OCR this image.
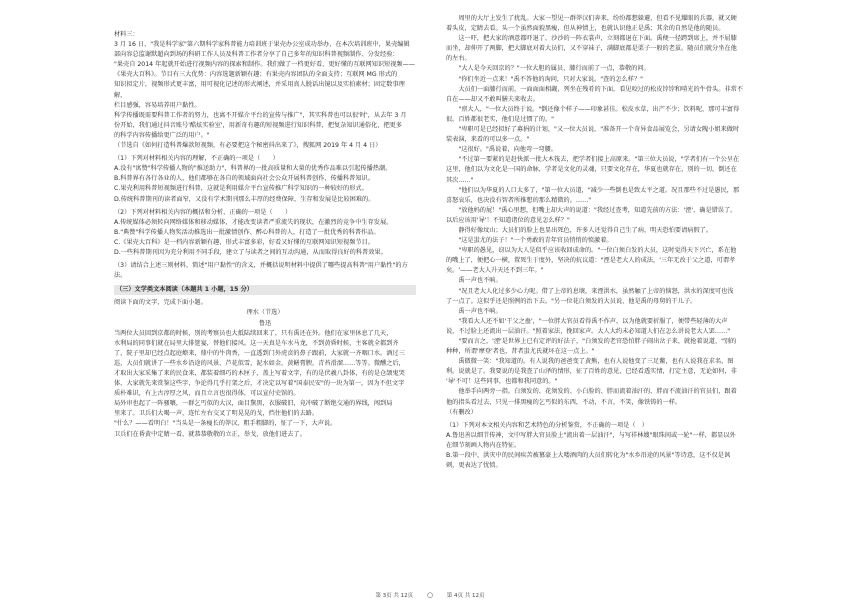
材料三：
3 月 16 日，"我是科学家"第六期科学家科普能力培训班于果壳办公室成功举办，在本次培训班中，果壳编辑
部向容总监谢默超向到场的科研工作人员及科普工作者分享了自己多年的知识科普视频制作、分发经验：
"果壳自 2014 年起就开始进行视频内容的探索和制作。我们做了一档更好看、更好懂的互联网知识短视频——
《果壳大百科》。节目有三大优势：内容选题新颖有趣；有果壳内容团队的全面支持；互联网 MG 形式的
知识拟定片，视频形式更丰富，用可视化记述的形式阐述，并采用真人脱话出镜以及实拍素材；固定数事理解，
栏目感强，容易培养用户黏性。
科学传播既需要科普工作者的努力，也离不开媒介平台的宣传与推广"，其实科普也可以很'时'，从去年 3 月
份开始，我们通过抖音账号'酷炫实验室'，用新奇有趣的短视频进行知识科普，把复杂知识通俗化，把更多
的科学内容传播给更广泛的用户。"
（节选自《如何打造科普爆款短视频，有必要把这个秘密抖出来了》，搜狐网 2019 年 4 月 4 日）
（1）下列对材料相关内容的理解，不正确的一项是（　　）
A.没有"寓赞"科学传播人物的"推送助力"，科普界的一批高质量和大量的优秀作品难以引起传播热潮。
B.科普界有各行各业的人，他们都够在各自的领域面向社会公众开展科普创作，传播科普知识。
C.果壳利用科普短视频进行科普，这就是利用媒介平台宣传推广科学知识的一种较好的形式。
D.传统科普期刊的读者面窄，又没有学术期刊那么丰厚的经费保障，生存和发展是比较困难的。
（2）下列对材料相关内容的概括和分析，正确的一项是（　　）
A.传统媒体必须转向网络媒体和移动媒体，才能改变读者严重流失的现状，在激烈的竞争中生存发展。
B."典赞"科学传播人物奖活动推选出一批激情创作、醉心科普的人，打造了一批优秀的科普作品。
C.《果壳大百科》是一档内容新颖有趣，形式丰富多彩，好看又好懂的互联网知识短视频节目。
D.一些科普期刊因为充分利用不同手段，建立了与读者之间的互动沟通，从而取得良好的科普效果。
（3）请结合上述三则材料，简述"用户黏性"的含义，并概括说明材料中提供了哪些提高科普"用户黏性"的方
法。

（三）文学类文本阅读（本题共 1 小题，15 分）

阅读下面的文字，完成下面小题。

理水（节选）

鲁迅

当两位大员回到京都的时候，别的考察员也大抵陆续回来了，只有禹还在外。他们在家里休息了几天，
水利局的同事们就在局里大排筵宴，替他们接风。这一天真是车水马龙，不到黄昏时候，主客就全都到齐
了，院子里却已经点起庭燎来，鼎中的牛肉香，一直透到门外虎贲的鼻子跟前，大家就一齐咽口水。酒过三
巡，大员们就讲了一些水乡沿途的风景，芦花似雪，泥水如金，黄鳝膏腴，青苔滑溜……等等。微醺之后，
才取出大家采集了来的民食来，都装着细巧的木匣子，盖上写着文字，有的是伏羲八卦体，有的是仓颉鬼哭
体，大家就先来赏鉴这些字，争论得几乎打架之后，才决定以写着"国泰民安"的一块为第一，因为不但文字
质朴难识，有上古淳厚之风，而且立言也很得体，可以宣付史馆的。
局外审也起了一阵骚嚷，一群乞丐似的大汉，面目黧黑，衣服破旧，竟冲破了断绝交通的界线，闯到局
里来了。卫兵们大喝一声，连忙左右交叉了明晃晃的戈，挡住他们的去路。
"什么？——看明白！"当头是一条瘦长的莽汉，粗手粗脚的，怔了一下，大声说。
卫兵们在昏黄中定睛一看，就恭恭敬敬的立正，举戈，放他们进去了。
　　周里的大厅上发生了扰乱。大家一望见一群莽汉们奔来，纷纷都想躲避，但看不见耀眼的兵器，就又硬
着头皮，定睛去看。头一个虽然面貌黑瘦，但从神情上，也就认识他正是禹；其余的自然是他的随员。
　　这一吓，把大家的酒意都吓退了，沙沙的一阵衣裳声，立刻都退在下面。禹便一径跨到席上，并不屈膝
而坐，却伸开了两脚，把大脚底对着大员们，又不穿袜子，满脚底都是栗子一般的老茧。随员们就分坐在他
的左右。
　　"大人是今天回京的？"一位大胆的属员，膝行而前了一点，恭敬的问。
　　"你们坐近一点来！"禹不答他的询问，只对大家说。"查的怎么样？"
　　大员们一面膝行而前，一面面面相觑，列坐在残肴的下面，看见咬过的松皮饽饽和啃光的牛骨头。非常不
自在——却又不敢叫膳夫来收去。
　　"禀大人，"一位大员终于说。"倒还像个样子——印象甚佳。松皮水草，出产不少；饮料呢，那可丰富得
很。百姓都很老实，他们是过惯了的。"
　　"卑职可是已经拟好了募捐的计划，"又一位大员说，"准备开一个奇异食品展览会，另请女隗小姐来做时
装表演，来看的可以多一点。"
　　"这很好。"禹说着，向他弯一弯腰。
　　"不过第一要紧的是赶快派一批大木筏去，把学者们接上高原来。"第三位大员说，"学者们有一个公呈在
这里，他们以为文化是一国的命脉，学者是文化的灵魂，只要文化存在，华夏也就存在，别的一切，倒还在
其次……"
　　"他们以为华夏的人口太多了，"第一位大员道，"减少一些倒也是致太平之道。况且那些不过是愚民，那
喜怒哀乐，也决没有智者所推想的那么精微的。……"
　　"放他妈的屁！"禹心里想，但嘴上却大声的说道："我经过查考，知道先前的方法：'湮'，确是错误了。
以后应该用'导'！不知道诸位的意见怎么样？"
　　静得好像坟山；大员们的脸上也显出死色，许多人还觉得自己生了病，明天恐怕要请病假了。
　　"这是蚩尤的法子！"一个勇敢的青年官员悄悄的愤激着。
　　"卑职的愚见，窃以为大人是似乎应该收回成命的。"一位白须白发的大员，这时觉得天下兴亡，系在他
的嘴上了，便把心一横，置死生于度外，坚决的抗议道："湮是老大人的成法，'三年无改于父之道，可谓孝
矣。'——老大人升天还不到三年。"
　　禹一声也不响。
　　"况且老大人化过多少心力呢。借了上帝的息壤，来湮洪水，虽然触了上帝的恼怒，洪水的深度可也浅
了一点了。这似乎还是照例的治下去。"另一位花白须发的大员说，他是禹的母舅的干儿子。
　　禹一声也不响。
　　"我看大人还不如'干父之蛊'，"一位胖大官员看得禹不作声，以为他就要折服了，便带些轻薄的大声
说，不过脸上还流出一层油汗。"照着家法，挽回家声。大人大约未必知道人们在怎么讲说老大人罢……"
　　"要而言之，'湮'是世界上已有定评的好法子，"白须发的老官恐怕胖子闹出岔子来，就抢着说道，"别的
种种，所谓'摩登'者也，昔者蚩尤氏就坏在这一点上。"
　　禹微微一笑："我知道的。有人说我的爸爸变了黄熊，也有人说他变了三足鳖，也有人说我在求名，图
利。说就是了。我要说的是我查了山泽的情形，征了百姓的意见，已经看透实情，打定主意，无论如何，非
'导'不可！这些同事，也都和我同意的。"
　　他举手向两旁一指。白须发的、花须发的、小白脸的、胖而流着油汗的、胖而不流油汗的官员们，跟着
他的指头看过去，只见一排黑瘦的乞丐似的东西，不动，不言，不笑，像铁铸的一样。
（有删改）
（1）下列对本文相关内容和艺术特色的分析鉴赏，不正确的一项是（　）
A.鲁迅善以细节传神，文中写胖大官员脸上"流出着一层油汗"，与写祥林嫂"眼珠间或一轮"一样，都显以外
在细节刻画人物内在特征。
B.第一段中，洪灾中的民间疾苦被篡豪上大喽酒肉的大员们转化为"水乡沿途的风景"等诗意，这不仅是讽
刺，更表达了忧愤。
第 3页 共 12页 ○	第 4页 共 12页
